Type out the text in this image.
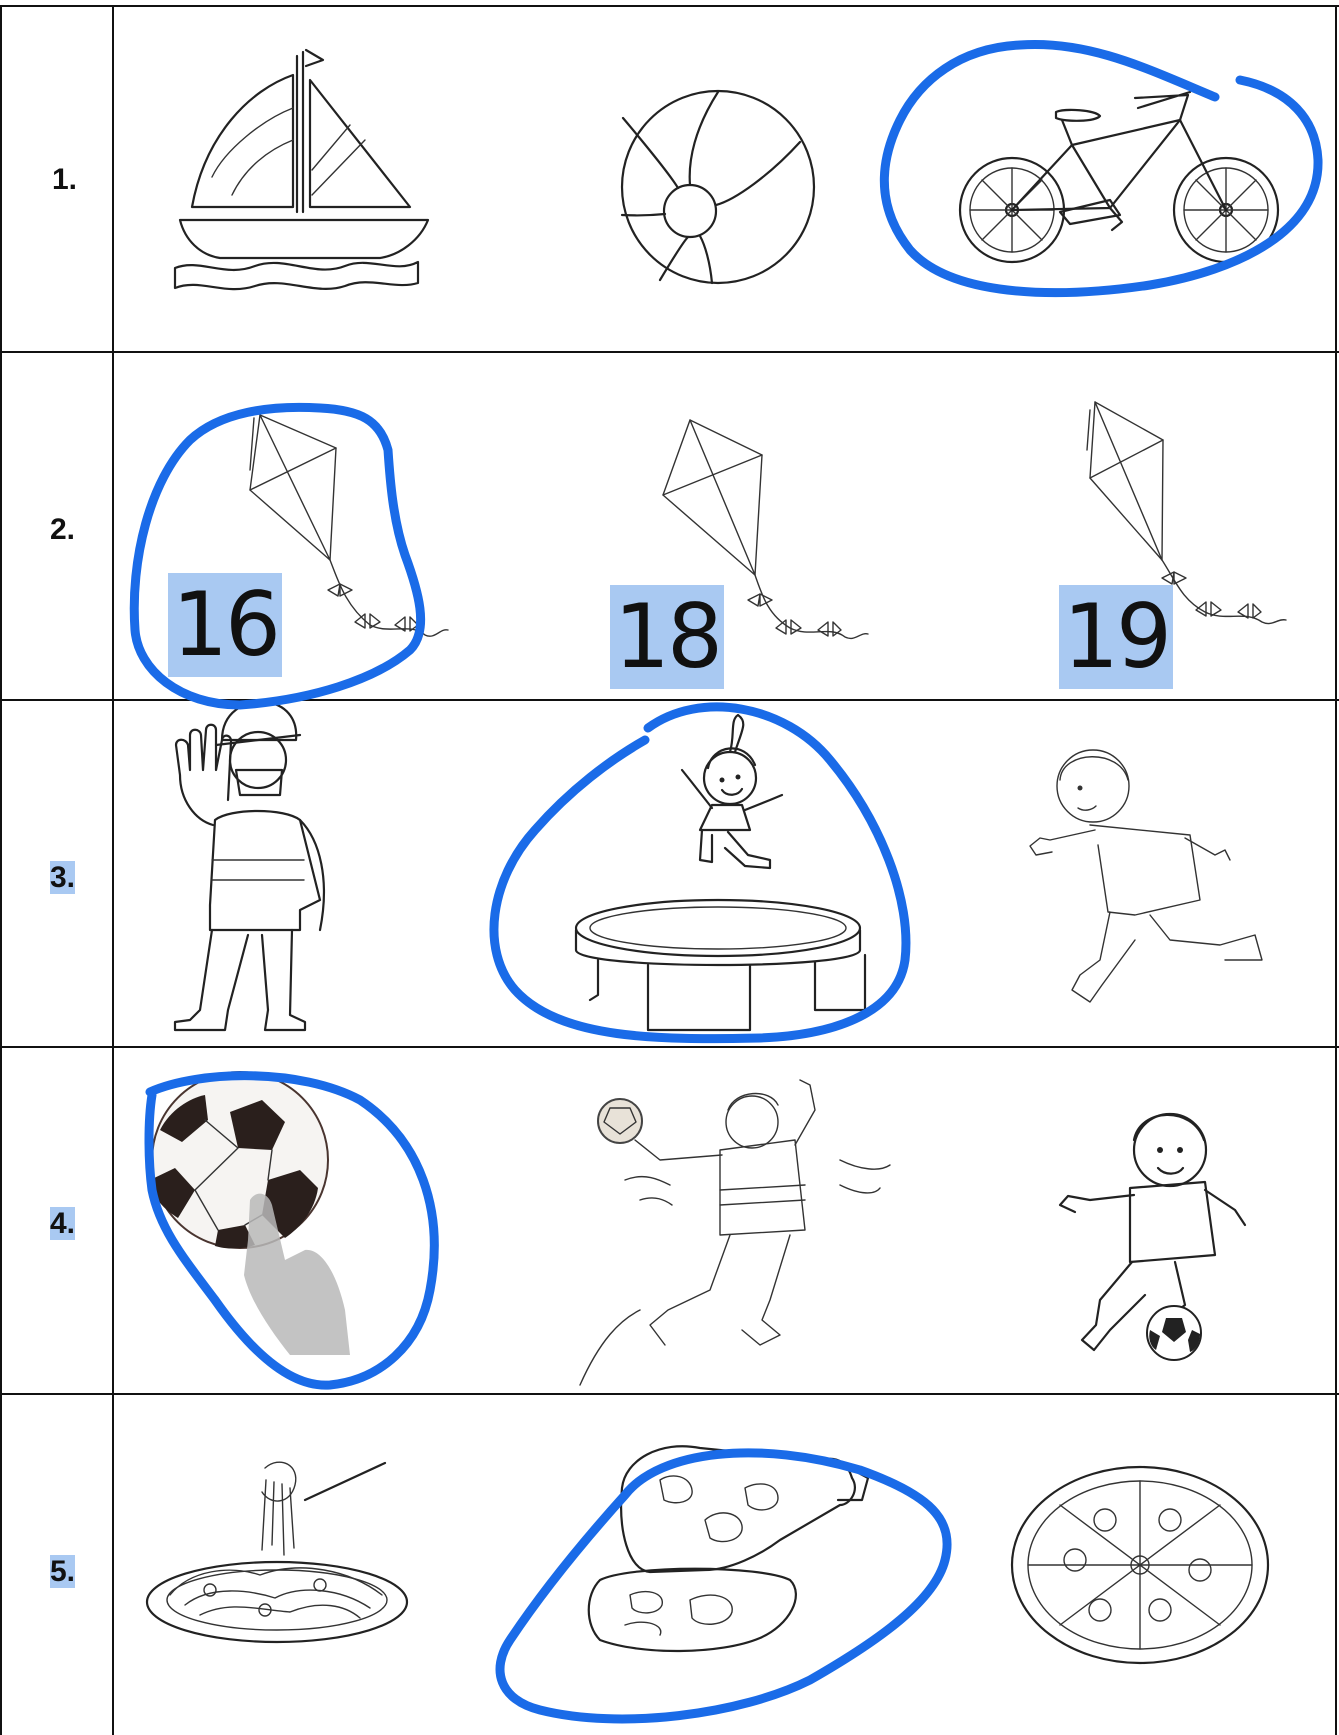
1.
2.
3.
4.
5.
16	18	19
